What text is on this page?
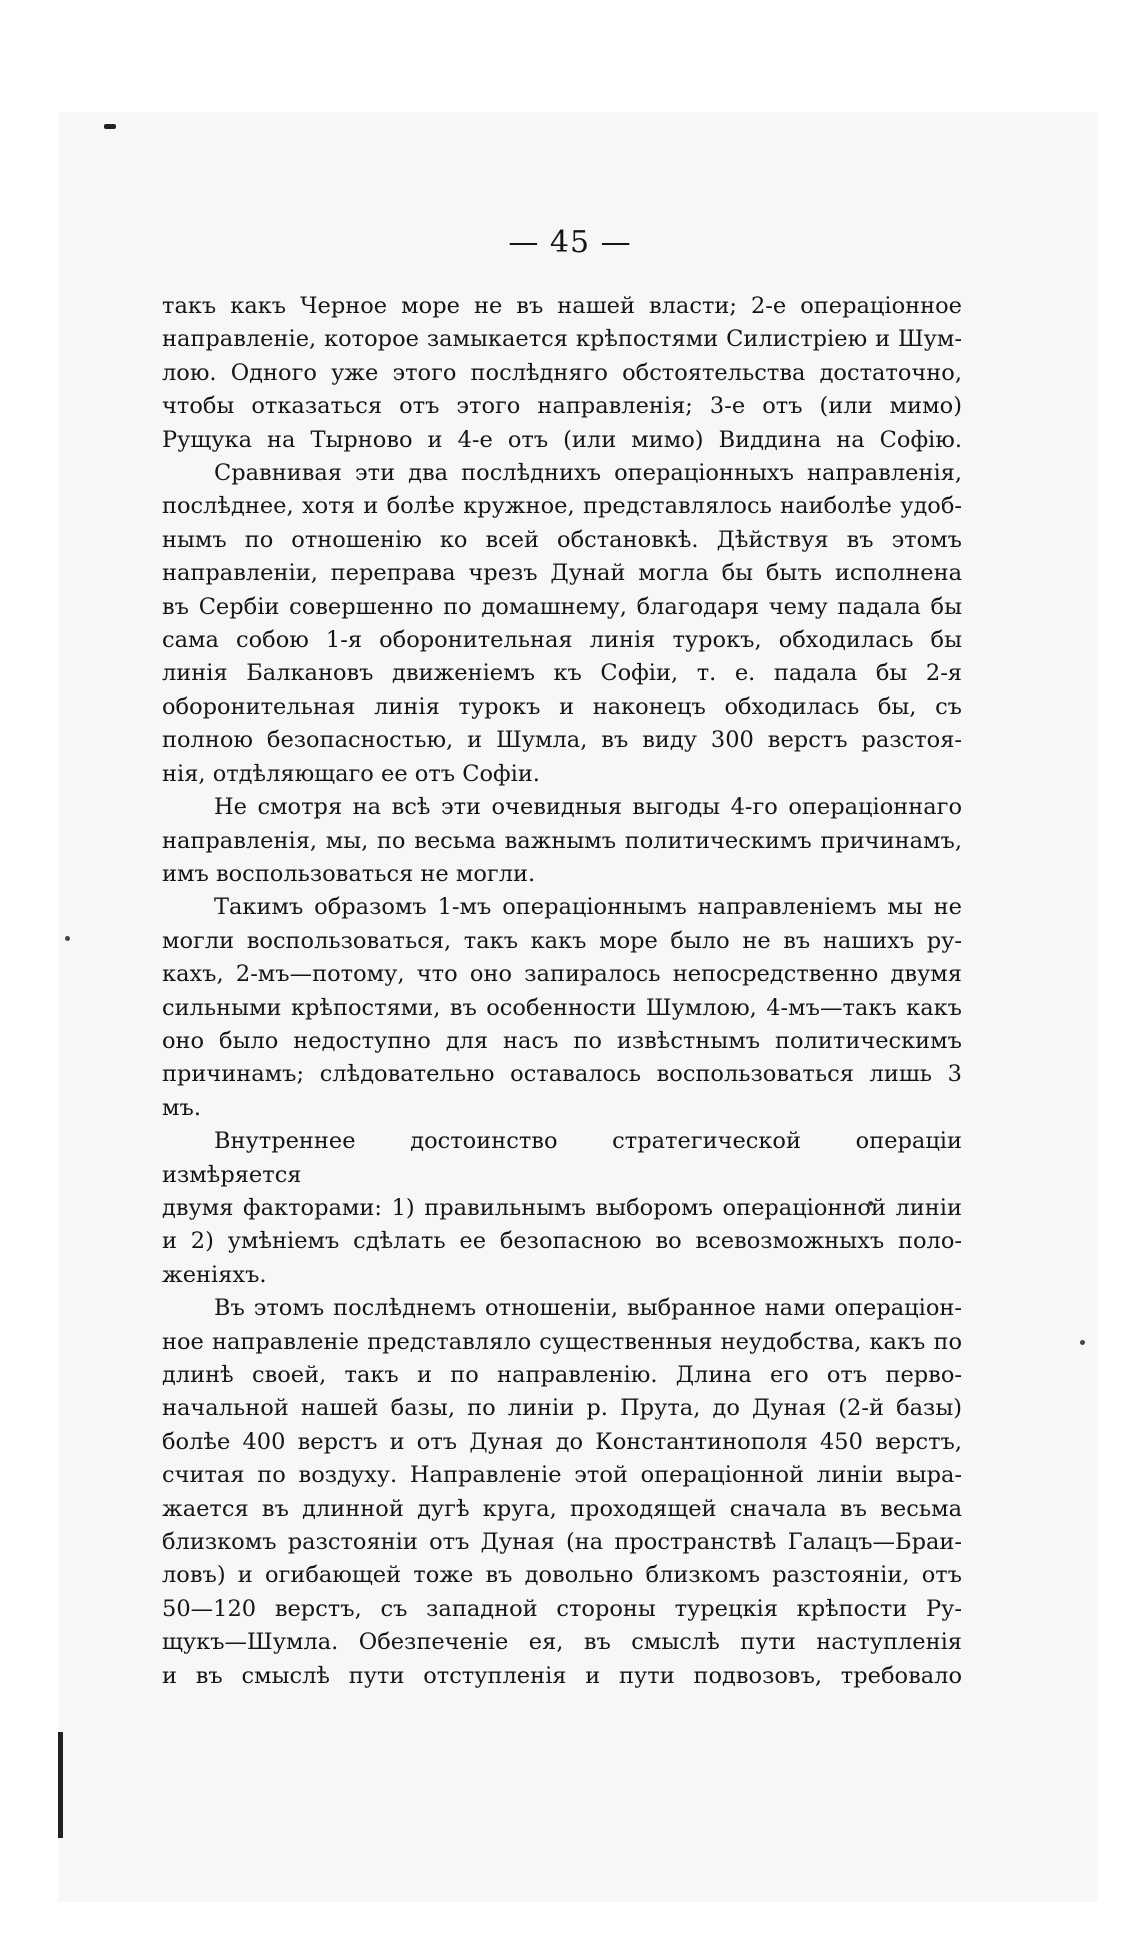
— 45 —

такъ какъ Черное море не въ нашей власти; 2-е операціонное

направленіе, которое замыкается крѣпостями Силистріею и Шум-

лою. Одного уже этого послѣдняго обстоятельства достаточно,

чтобы отказаться отъ этого направленія; 3-е отъ (или мимо)

Рущука на Тырново и 4-е отъ (или мимо) Виддина на Софію.

Сравнивая эти два послѣднихъ операціонныхъ направленія,

послѣднее, хотя и болѣе кружное, представлялось наиболѣе удоб-

нымъ по отношенію ко всей обстановкѣ. Дѣйствуя въ этомъ

направленіи, переправа чрезъ Дунай могла бы быть исполнена

въ Сербіи совершенно по домашнему, благодаря чему падала бы

сама собою 1-я оборонительная линія турокъ, обходилась бы

линія Балкановъ движеніемъ къ Софіи, т. е. падала бы 2-я

оборонительная линія турокъ и наконецъ обходилась бы, съ

полною безопасностью, и Шумла, въ виду 300 верстъ разстоя-

нія, отдѣляющаго ее отъ Софіи.

Не смотря на всѣ эти очевидныя выгоды 4-го операціоннаго

направленія, мы, по весьма важнымъ политическимъ причинамъ,

имъ воспользоваться не могли.

Такимъ образомъ 1-мъ операціоннымъ направленіемъ мы не

могли воспользоваться, такъ какъ море было не въ нашихъ ру-

кахъ, 2-мъ—потому, что оно запиралось непосредственно двумя

сильными крѣпостями, въ особенности Шумлою, 4-мъ—такъ какъ

оно было недоступно для насъ по извѣстнымъ политическимъ

причинамъ; слѣдовательно оставалось воспользоваться лишь 3 мъ.

Внутреннее достоинство стратегической операціи измѣряется

двумя факторами: 1) правильнымъ выборомъ операціонной линіи

и 2) умѣніемъ сдѣлать ее безопасною во всевозможныхъ поло-

женіяхъ.

Въ этомъ послѣднемъ отношеніи, выбранное нами операціон-

ное направленіе представляло существенныя неудобства, какъ по

длинѣ своей, такъ и по направленію. Длина его отъ перво-

начальной нашей базы, по линіи р. Прута, до Дуная (2-й базы)

болѣе 400 верстъ и отъ Дуная до Константинополя 450 верстъ,

считая по воздуху. Направленіе этой операціонной линіи выра-

жается въ длинной дугѣ круга, проходящей сначала въ весьма

близкомъ разстояніи отъ Дуная (на пространствѣ Галацъ—Браи-

ловъ) и огибающей тоже въ довольно близкомъ разстояніи, отъ

50—120 верстъ, съ западной стороны турецкія крѣпости Ру-

щукъ—Шумла. Обезпеченіе ея, въ смыслѣ пути наступленія

и въ смыслѣ пути отступленія и пути подвозовъ, требовало
